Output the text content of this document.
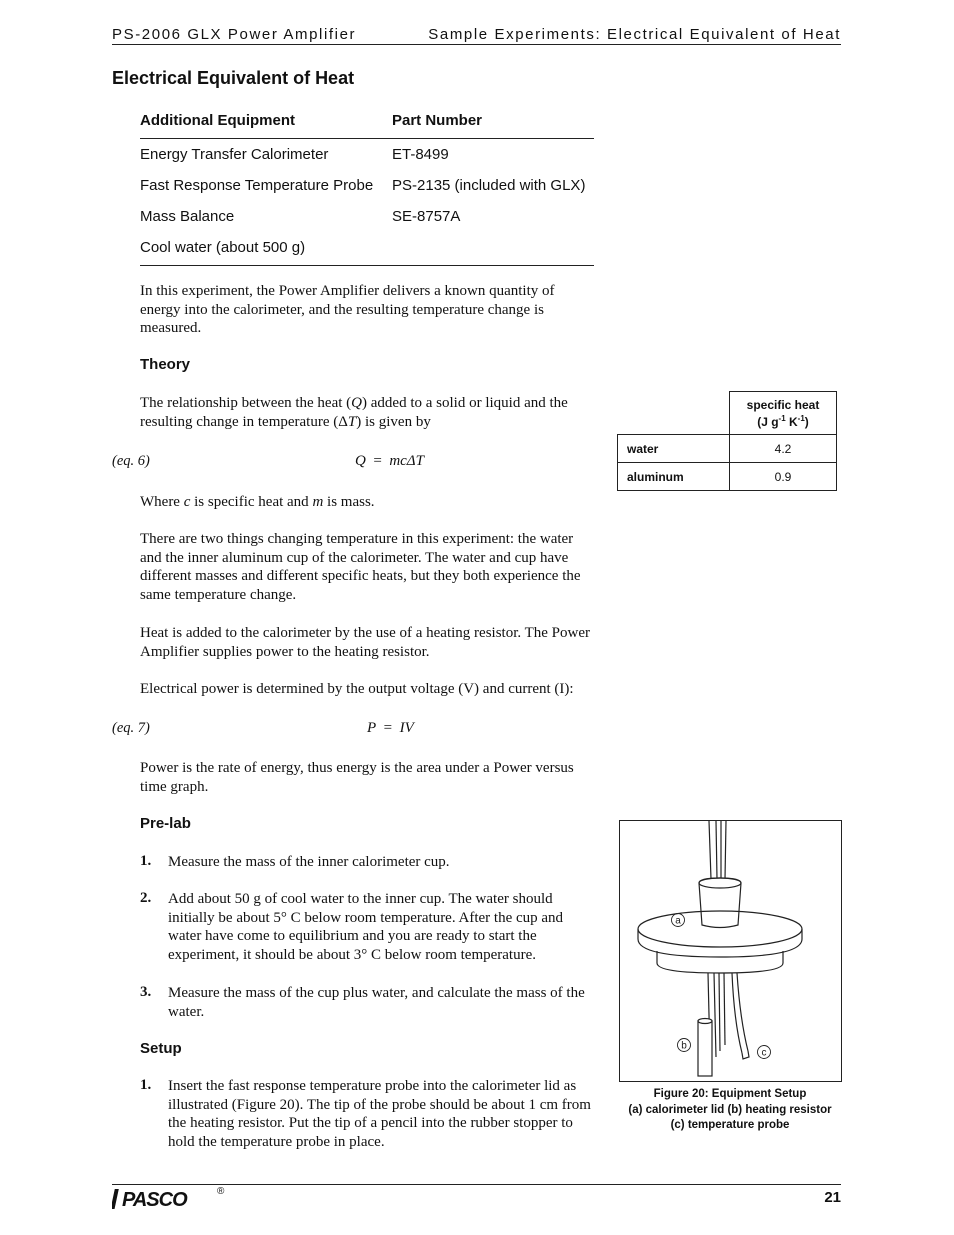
PS-2006 GLX Power Amplifier	Sample Experiments: Electrical Equivalent of Heat
Electrical Equivalent of Heat
Additional Equipment	Part Number
Energy Transfer Calorimeter	ET-8499
Fast Response Temperature Probe	PS-2135 (included with GLX)
Mass Balance	SE-8757A
Cool water (about 500 g)
In this experiment, the Power Amplifier delivers a known quantity of energy into the calorimeter, and the resulting temperature change is measured.
Theory
The relationship between the heat (Q) added to a solid or liquid and the resulting change in temperature (ΔT) is given by
(eq. 6)	Q = mcΔT
Where c is specific heat and m is mass.
There are two things changing temperature in this experiment: the water and the inner aluminum cup of the calorimeter. The water and cup have different masses and different specific heats, but they both experience the same temperature change.
Heat is added to the calorimeter by the use of a heating resistor. The Power Amplifier supplies power to the heating resistor.
Electrical power is determined by the output voltage (V) and current (I):
(eq. 7)	P = IV
Power is the rate of energy, thus energy is the area under a Power versus time graph.
Pre-lab
1. Measure the mass of the inner calorimeter cup.
2. Add about 50 g of cool water to the inner cup. The water should initially be about 5° C below room temperature. After the cup and water have come to equilibrium and you are ready to start the experiment, it should be about 3° C below room temperature.
3. Measure the mass of the cup plus water, and calculate the mass of the water.
Setup
1. Insert the fast response temperature probe into the calorimeter lid as illustrated (Figure 20). The tip of the probe should be about 1 cm from the heating resistor. Put the tip of a pencil into the rubber stopper to hold the temperature probe in place.
	specific heat
(J $g^{-1}$ $K^{-1}$)
water	4.2
aluminum	0.9
a
b
c
Figure 20: Equipment Setup
(a) calorimeter lid (b) heating resistor
(c) temperature probe
PASCO	®	21
